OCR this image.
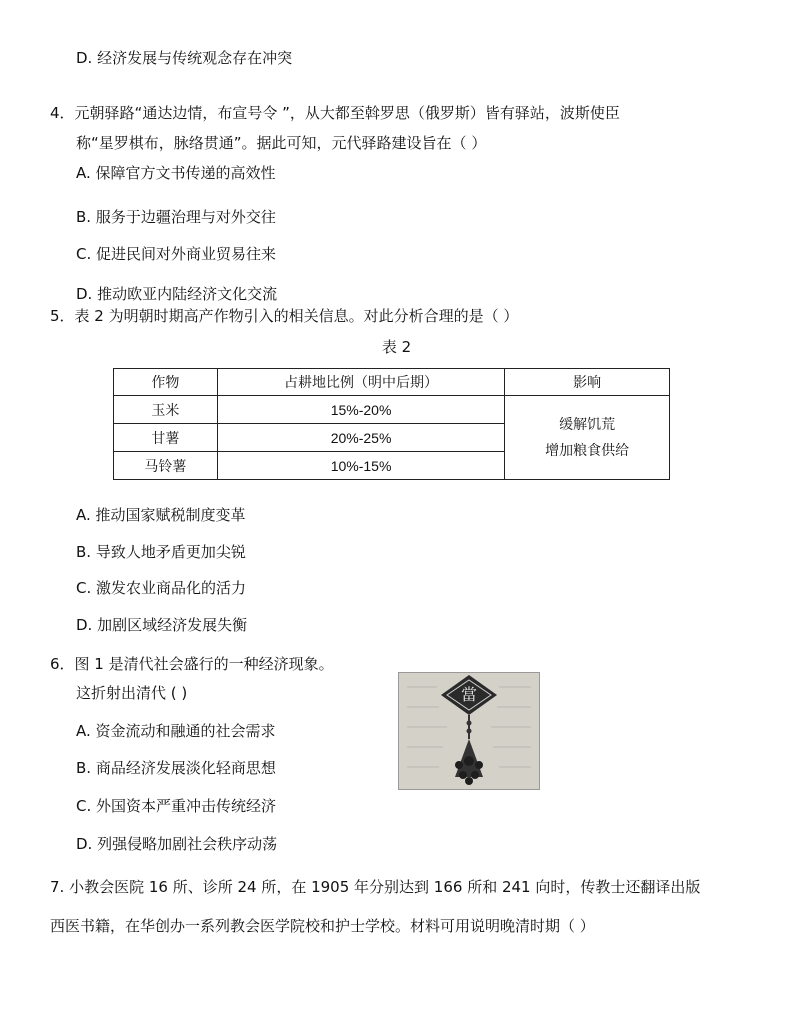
D. 经济发展与传统观念存在冲突
4．元朝驿路“通达边情，布宣号令 ”，从大都至斡罗思（俄罗斯）皆有驿站，波斯使臣
称“星罗棋布，脉络贯通”。据此可知，元代驿路建设旨在（ ）
A. 保障官方文书传递的高效性
B. 服务于边疆治理与对外交往
C. 促进民间对外商业贸易往来
D. 推动欧亚内陆经济文化交流
5．表 2 为明朝时期高产作物引入的相关信息。对此分析合理的是（ ）
表 2
作物	占耕地比例（明中后期）	影响
玉米	15%-20%	缓解饥荒
增加粮食供给

甘薯	20%-25%	
马铃薯	10%-15%	
A. 推动国家赋税制度变革
B. 导致人地矛盾更加尖锐
C. 激发农业商品化的活力
D. 加剧区域经济发展失衡
6．图 1 是清代社会盛行的一种经济现象。
这折射出清代 ( )	當
A. 资金流动和融通的社会需求
B. 商品经济发展淡化轻商思想
C. 外国资本严重冲击传统经济
D. 列强侵略加剧社会秩序动荡
7. 小教会医院 16 所、诊所 24 所，在 1905 年分别达到 166 所和 241 向时，传教士还翻译出版
西医书籍，在华创办一系列教会医学院校和护士学校。材料可用说明晚清时期（ ）
